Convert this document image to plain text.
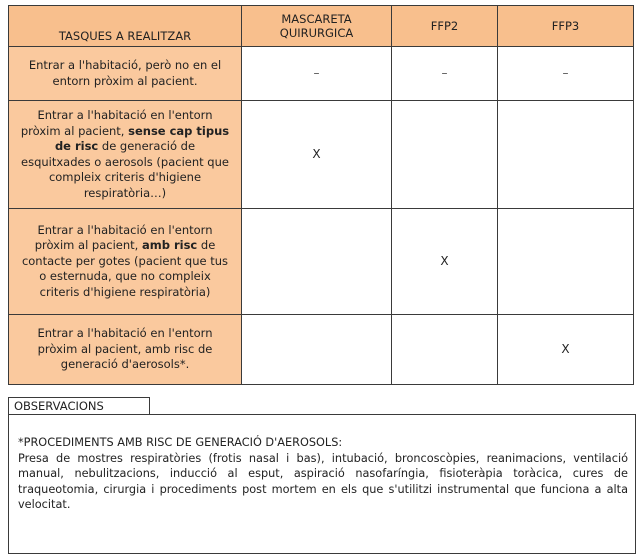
TASQUES A REALITZAR	MASCARETA QUIRURGICA	FFP2	FFP3
Entrar a l'habitació, però no en el entorn pròxim al pacient.	–	–	–
Entrar a l'habitació en l'entorn pròxim al pacient, sense cap tipus de risc de generació de esquitxades o aerosols (pacient que compleix criteris d'higiene respiratòria…)	X		
Entrar a l'habitació en l'entorn pròxim al pacient, amb risc de contacte per gotes (pacient que tus o esternuda, que no compleix criteris d'higiene respiratòria)		X	
Entrar a l'habitació en l'entorn pròxim al pacient, amb risc de generació d'aerosols*.			X
OBSERVACIONS
*PROCEDIMENTS AMB RISC DE GENERACIÓ D'AEROSOLS:
Presa de mostres respiratòries (frotis nasal i bas), intubació, broncoscòpies, reanimacions, ventilació manual, nebulitzacions, inducció al esput, aspiració nasofaríngia, fisioteràpia toràcica, cures de traqueotomia, cirurgia i procediments post mortem en els que s'utilitzi instrumental que funciona a alta velocitat.
